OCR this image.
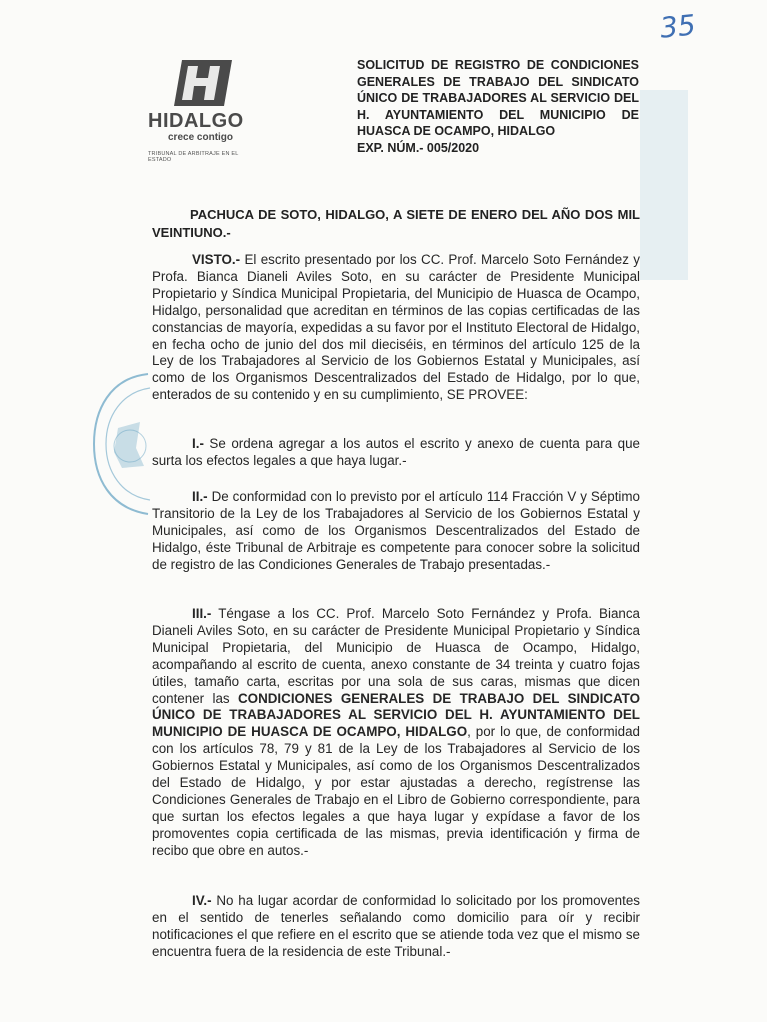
35
HIDALGO
crece contigo
TRIBUNAL DE ARBITRAJE EN EL ESTADO
SOLICITUD DE REGISTRO DE CONDICIONES GENERALES DE TRABAJO DEL SINDICATO ÚNICO DE TRABAJADORES AL SERVICIO DEL H. AYUNTAMIENTO DEL MUNICIPIO DE HUASCA DE OCAMPO, HIDALGO
EXP. NÚM.- 005/2020
PACHUCA DE SOTO, HIDALGO, A SIETE DE ENERO DEL AÑO DOS MIL VEINTIUNO.-
VISTO.- El escrito presentado por los CC. Prof. Marcelo Soto Fernández y Profa. Bianca Dianeli Aviles Soto, en su carácter de Presidente Municipal Propietario y Síndica Municipal Propietaria, del Municipio de Huasca de Ocampo, Hidalgo, personalidad que acreditan en términos de las copias certificadas de las constancias de mayoría, expedidas a su favor por el Instituto Electoral de Hidalgo, en fecha ocho de junio del dos mil dieciséis, en términos del artículo 125 de la Ley de los Trabajadores al Servicio de los Gobiernos Estatal y Municipales, así como de los Organismos Descentralizados del Estado de Hidalgo, por lo que, enterados de su contenido y en su cumplimiento, SE PROVEE:
I.- Se ordena agregar a los autos el escrito y anexo de cuenta para que surta los efectos legales a que haya lugar.-
II.- De conformidad con lo previsto por el artículo 114 Fracción V y Séptimo Transitorio de la Ley de los Trabajadores al Servicio de los Gobiernos Estatal y Municipales, así como de los Organismos Descentralizados del Estado de Hidalgo, éste Tribunal de Arbitraje es competente para conocer sobre la solicitud de registro de las Condiciones Generales de Trabajo presentadas.-
III.- Téngase a los CC. Prof. Marcelo Soto Fernández y Profa. Bianca Dianeli Aviles Soto, en su carácter de Presidente Municipal Propietario y Síndica Municipal Propietaria, del Municipio de Huasca de Ocampo, Hidalgo, acompañando al escrito de cuenta, anexo constante de 34 treinta y cuatro fojas útiles, tamaño carta, escritas por una sola de sus caras, mismas que dicen contener las CONDICIONES GENERALES DE TRABAJO DEL SINDICATO ÚNICO DE TRABAJADORES AL SERVICIO DEL H. AYUNTAMIENTO DEL MUNICIPIO DE HUASCA DE OCAMPO, HIDALGO, por lo que, de conformidad con los artículos 78, 79 y 81 de la Ley de los Trabajadores al Servicio de los Gobiernos Estatal y Municipales, así como de los Organismos Descentralizados del Estado de Hidalgo, y por estar ajustadas a derecho, regístrense las Condiciones Generales de Trabajo en el Libro de Gobierno correspondiente, para que surtan los efectos legales a que haya lugar y expídase a favor de los promoventes copia certificada de las mismas, previa identificación y firma de recibo que obre en autos.-
IV.- No ha lugar acordar de conformidad lo solicitado por los promoventes en el sentido de tenerles señalando como domicilio para oír y recibir notificaciones el que refiere en el escrito que se atiende toda vez que el mismo se encuentra fuera de la residencia de este Tribunal.-
